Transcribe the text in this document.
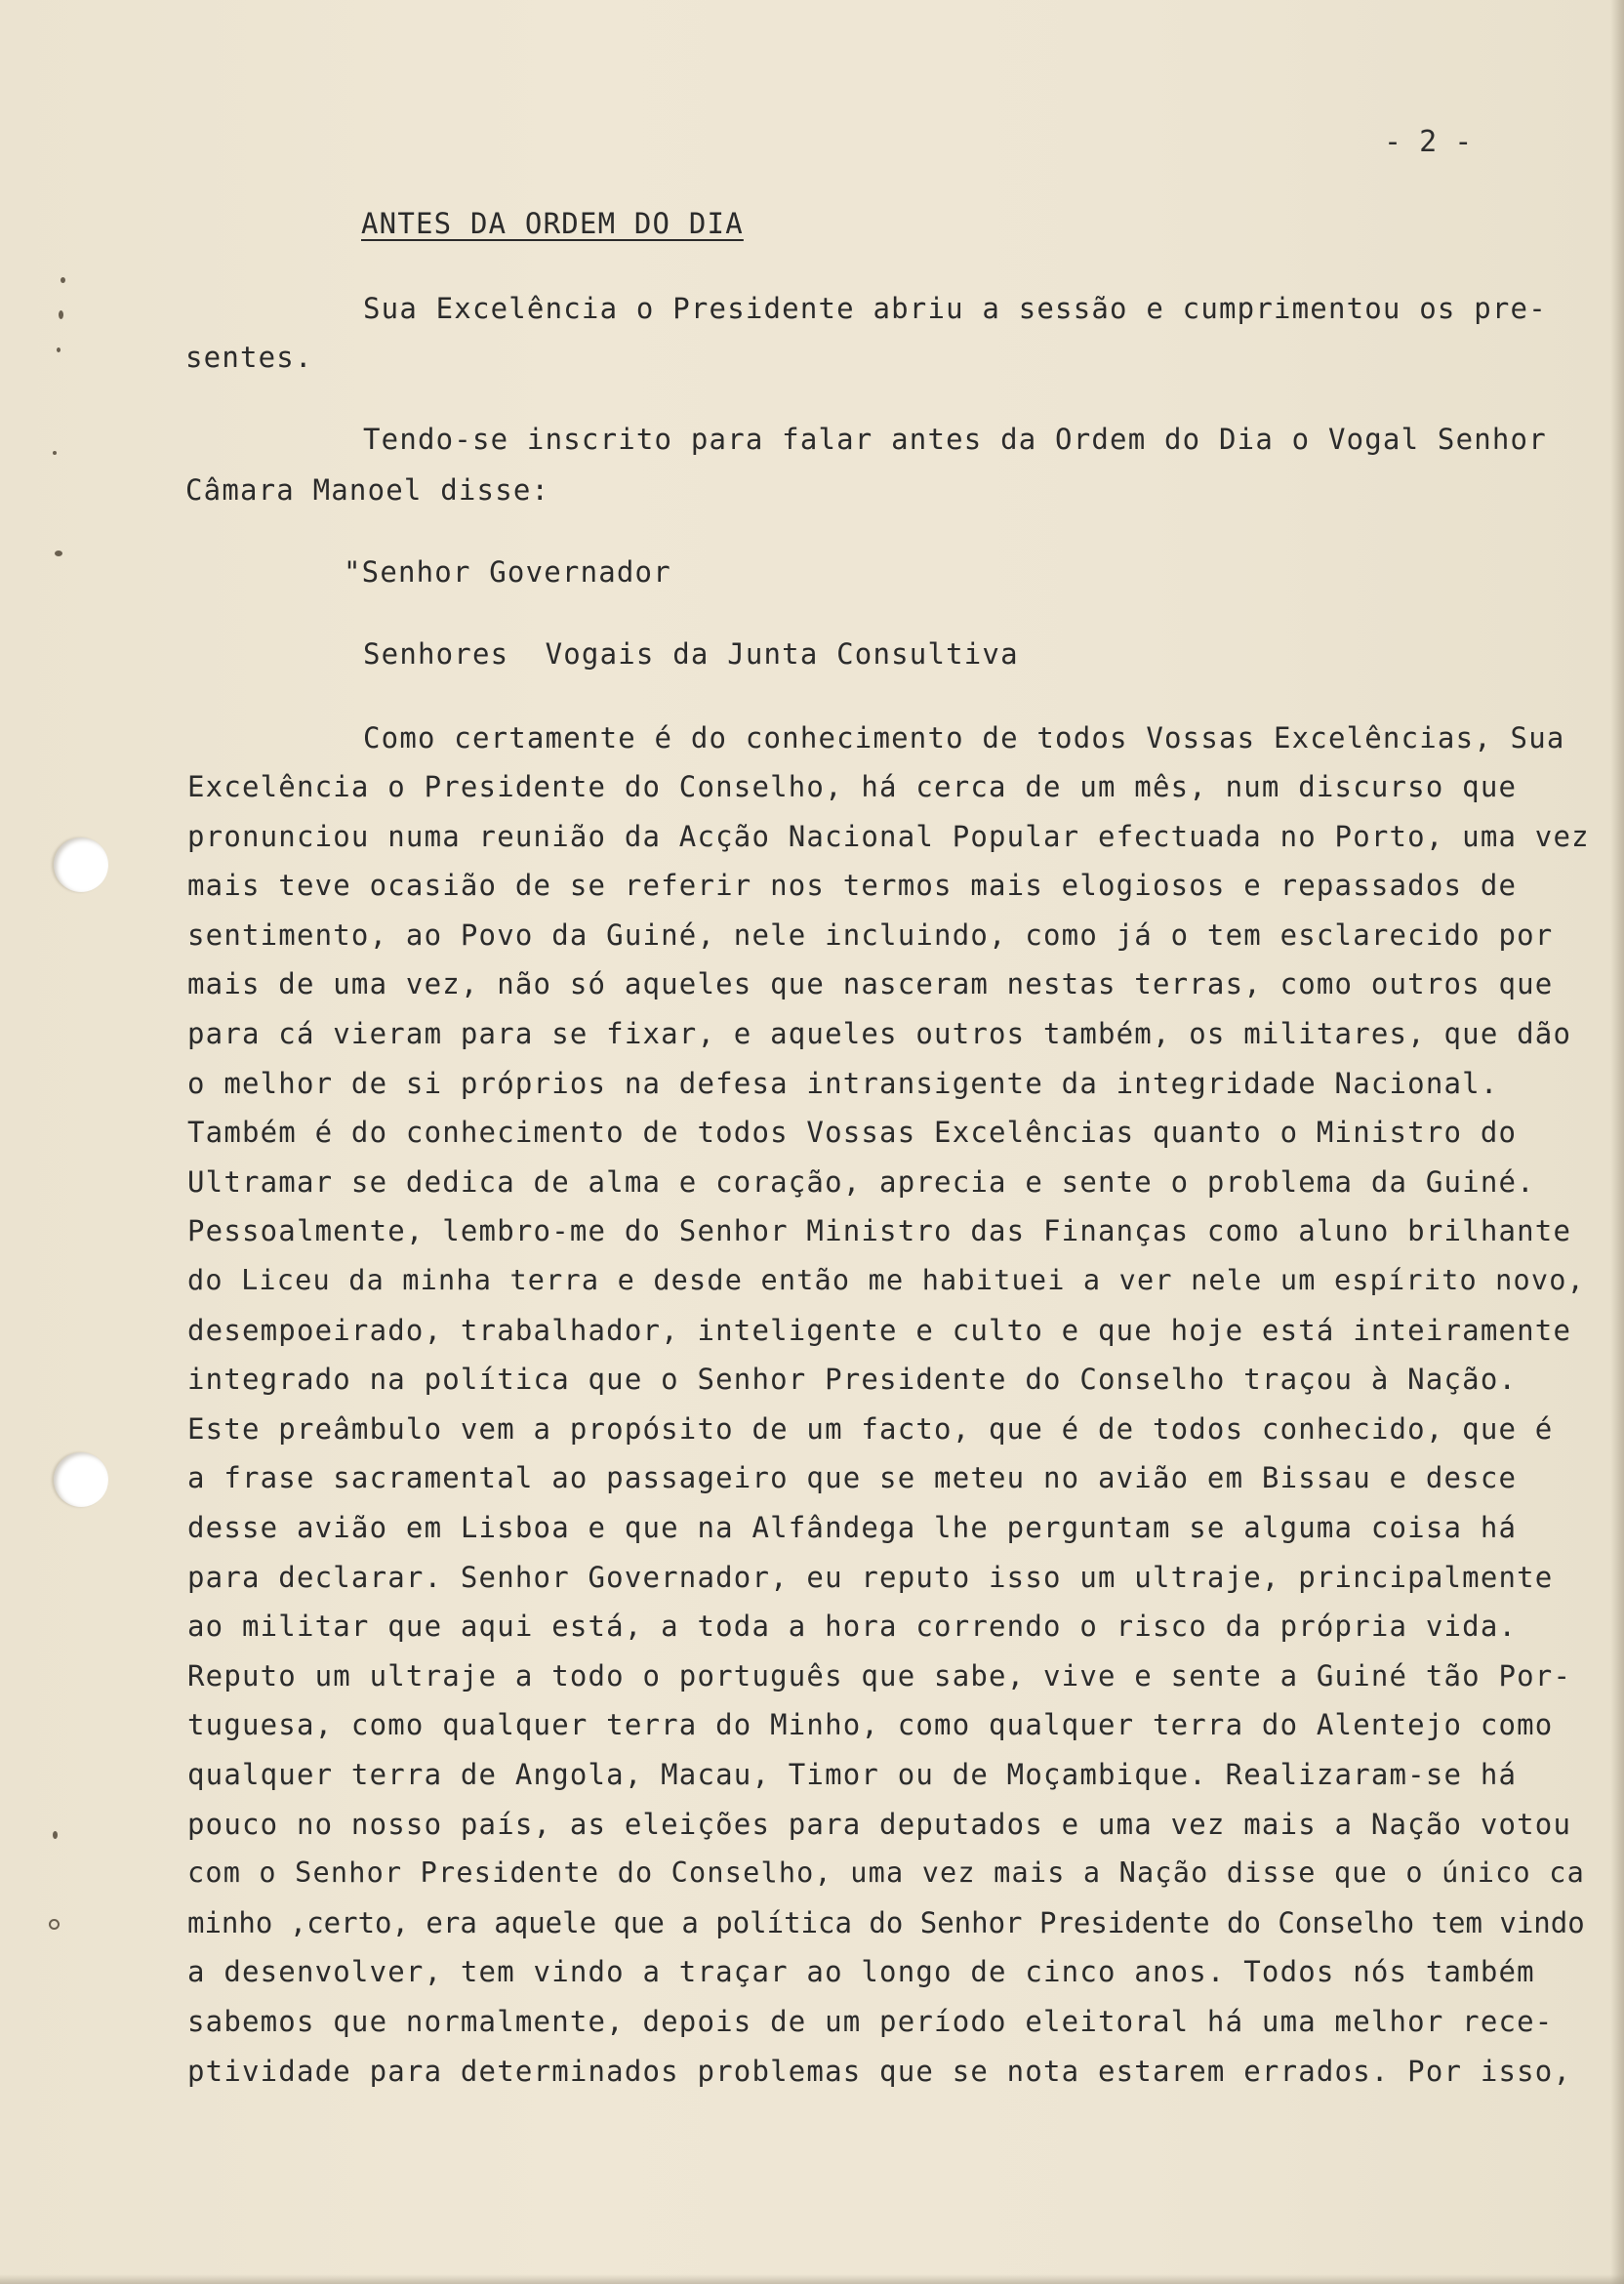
- 2 -
ANTES DA ORDEM DO DIA
Sua Excelência o Presidente abriu a sessão e cumprimentou os pre-
sentes.
Tendo-se inscrito para falar antes da Ordem do Dia o Vogal Senhor
Câmara Manoel disse:
"Senhor Governador
Senhores  Vogais da Junta Consultiva
Como certamente é do conhecimento de todos Vossas Excelências, Sua
Excelência o Presidente do Conselho, há cerca de um mês, num discurso que
pronunciou numa reunião da Acção Nacional Popular efectuada no Porto, uma vez
mais teve ocasião de se referir nos termos mais elogiosos e repassados de
sentimento, ao Povo da Guiné, nele incluindo, como já o tem esclarecido por
mais de uma vez, não só aqueles que nasceram nestas terras, como outros que
para cá vieram para se fixar, e aqueles outros também, os militares, que dão
o melhor de si próprios na defesa intransigente da integridade Nacional.
Também é do conhecimento de todos Vossas Excelências quanto o Ministro do
Ultramar se dedica de alma e coração, aprecia e sente o problema da Guiné.
Pessoalmente, lembro-me do Senhor Ministro das Finanças como aluno brilhante
do Liceu da minha terra e desde então me habituei a ver nele um espírito novo,
desempoeirado, trabalhador, inteligente e culto e que hoje está inteiramente
integrado na política que o Senhor Presidente do Conselho traçou à Nação.
Este preâmbulo vem a propósito de um facto, que é de todos conhecido, que é
a frase sacramental ao passageiro que se meteu no avião em Bissau e desce
desse avião em Lisboa e que na Alfândega lhe perguntam se alguma coisa há
para declarar. Senhor Governador, eu reputo isso um ultraje, principalmente
ao militar que aqui está, a toda a hora correndo o risco da própria vida.
Reputo um ultraje a todo o português que sabe, vive e sente a Guiné tão Por-
tuguesa, como qualquer terra do Minho, como qualquer terra do Alentejo como
qualquer terra de Angola, Macau, Timor ou de Moçambique. Realizaram-se há
pouco no nosso país, as eleições para deputados e uma vez mais a Nação votou
com o Senhor Presidente do Conselho, uma vez mais a Nação disse que o único ca
minho ,certo, era aquele que a política do Senhor Presidente do Conselho tem vindo
a desenvolver, tem vindo a traçar ao longo de cinco anos. Todos nós também
sabemos que normalmente, depois de um período eleitoral há uma melhor rece-
ptividade para determinados problemas que se nota estarem errados. Por isso,
